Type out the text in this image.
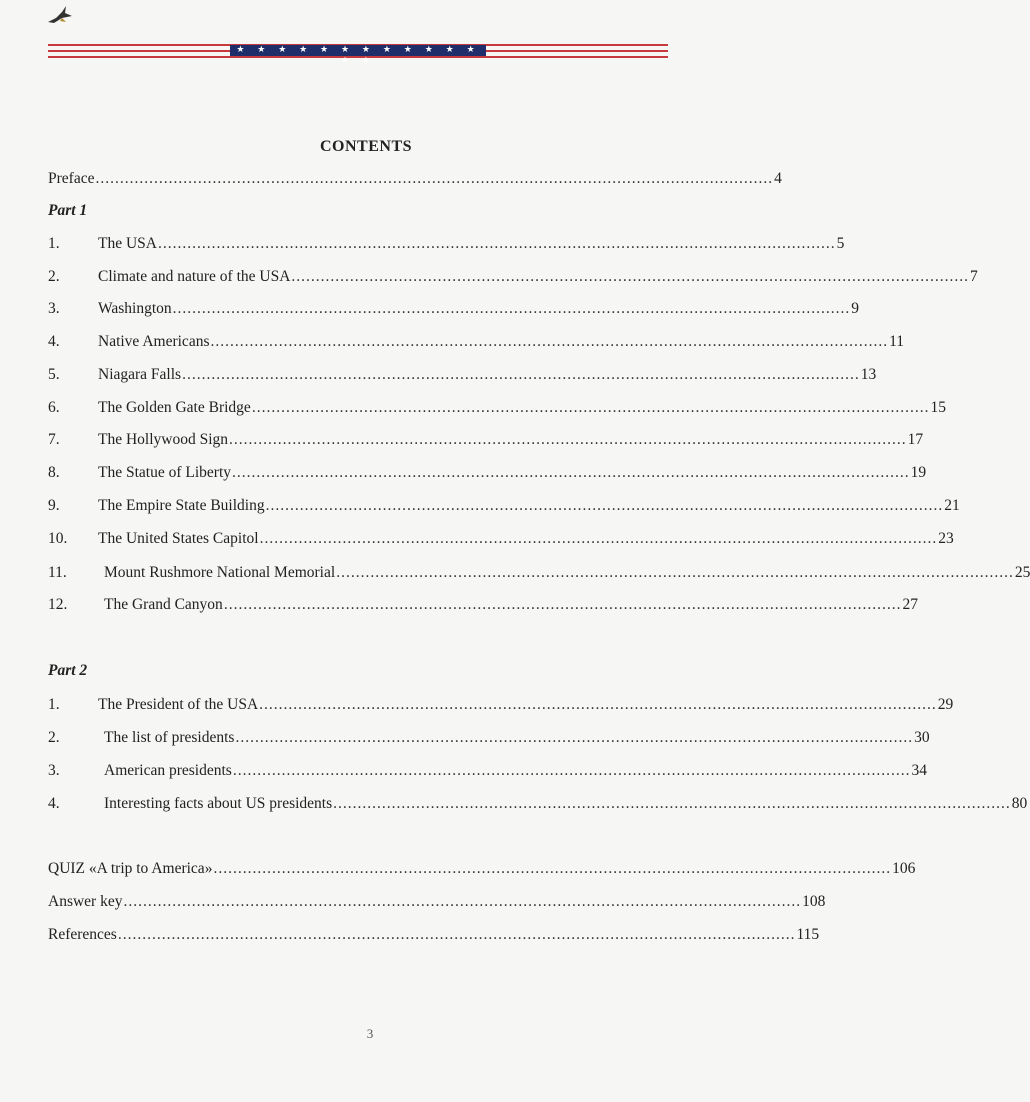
★ ★ ★ ★ ★ ★ ★ ★ ★ ★ ★ ★ ★ ★
CONTENTS
Preface ........................................................................................................................................... 4
Part 1
1.	The USA ........................................................................................................................................... 5
2.	Climate and nature of the USA ........................................................................................................................................... 7
3.	Washington ........................................................................................................................................... 9
4.	Native Americans ........................................................................................................................................... 11
5.	Niagara Falls ........................................................................................................................................... 13
6.	The Golden Gate Bridge ........................................................................................................................................... 15
7.	The Hollywood Sign ........................................................................................................................................... 17
8.	The Statue of Liberty ........................................................................................................................................... 19
9.	The Empire State Building ........................................................................................................................................... 21
10.	The United States Capitol ........................................................................................................................................... 23
11.	Mount Rushmore National Memorial ........................................................................................................................................... 25
12.	The Grand Canyon ........................................................................................................................................... 27
Part 2
1.	The President of the USA ........................................................................................................................................... 29
2.	The list of presidents ........................................................................................................................................... 30
3.	American presidents ........................................................................................................................................... 34
4.	Interesting facts about US presidents ........................................................................................................................................... 80
QUIZ «A trip to America» ........................................................................................................................................... 106
Answer key ........................................................................................................................................... 108
References ........................................................................................................................................... 115
3
